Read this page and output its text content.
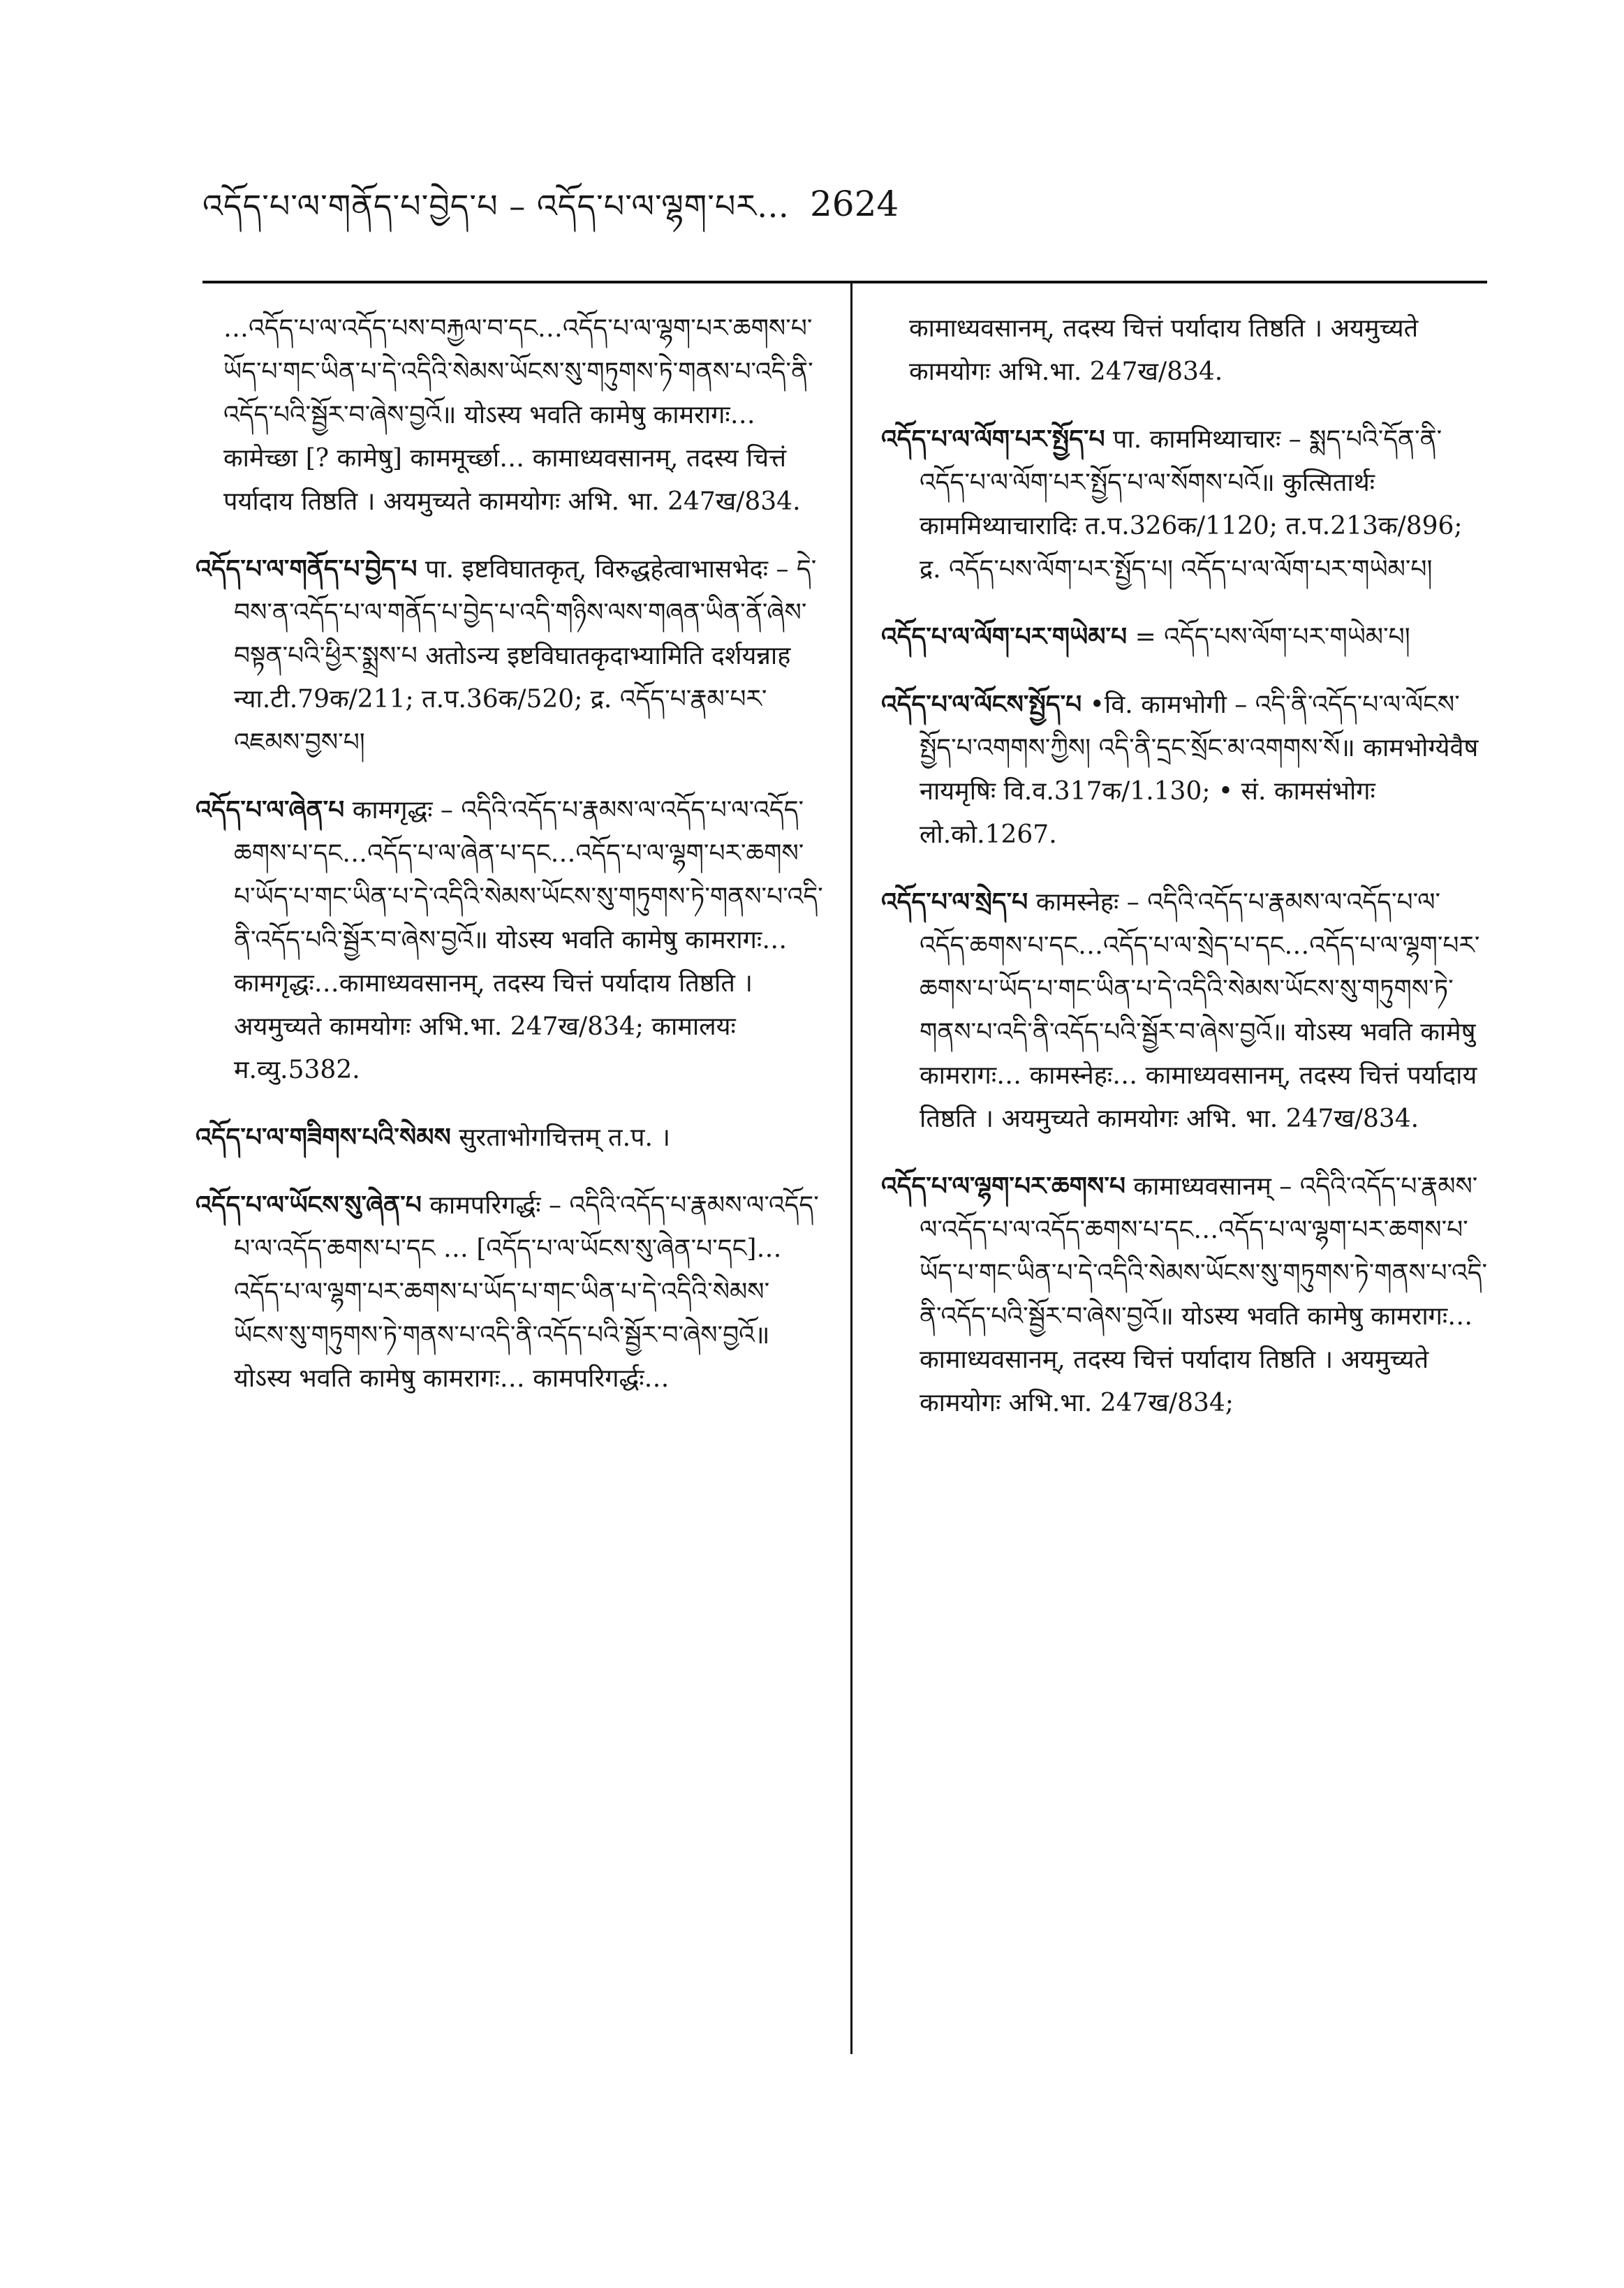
འདོད་པ་ལ་གནོད་པ་བྱེད་པ – འདོད་པ་ལ་ལྷག་པར… 2624

…འདོད་པ་ལ་འདོད་པས་བརྐྱལ་བ་དང…འདོད་པ་ལ་ལྷག་པར་ཆགས་པ་ཡོད་པ་གང་ཡིན་པ་དེ་འདིའི་སེམས་ཡོངས་སུ་གཏུགས་ཏེ་གནས་པ་འདི་ནི་འདོད་པའི་སྦྱོར་བ་ཞེས་བྱའོ॥ योऽस्य भवति कामेषु कामरागः… कामेच्छा [? कामेषु] काममूर्च्छा… कामाध्यवसानम्, तदस्य चित्तं पर्यादाय तिष्ठति । अयमुच्यते कामयोगः अभि. भा. 247ख/834.

འདོད་པ་ལ་གནོད་པ་བྱེད་པ पा. इष्टविघातकृत्, विरुद्धहेत्वाभासभेदः – དེ་བས་ན་འདོད་པ་ལ་གནོད་པ་བྱེད་པ་འདི་གཉིས་ལས་གཞན་ཡིན་ནོ་ཞེས་བསྟན་པའི་ཕྱིར་སྨྲས་པ अतोऽन्य इष्टविघातकृदाभ्यामिति दर्शयन्नाह न्या.टी.79क/211; त.प.36क/520; द्र. འདོད་པ་རྣམ་པར་འཇམས་བྱས་པ།

འདོད་པ་ལ་ཞེན་པ कामगृद्धः – འདིའི་འདོད་པ་རྣམས་ལ་འདོད་པ་ལ་འདོད་ཆགས་པ་དང…འདོད་པ་ལ་ཞེན་པ་དང…འདོད་པ་ལ་ལྷག་པར་ཆགས་པ་ཡོད་པ་གང་ཡིན་པ་དེ་འདིའི་སེམས་ཡོངས་སུ་གཏུགས་ཏེ་གནས་པ་འདི་ནི་འདོད་པའི་སྦྱོར་བ་ཞེས་བྱའོ॥ योऽस्य भवति कामेषु कामरागः…कामगृद्धः…कामाध्यवसानम्, तदस्य चित्तं पर्यादाय तिष्ठति । अयमुच्यते कामयोगः अभि.भा. 247ख/834; कामालयः म.व्यु.5382.

འདོད་པ་ལ་གཟིགས་པའི་སེམས सुरताभोगचित्तम् त.प. ।

འདོད་པ་ལ་ཡོངས་སུ་ཞེན་པ कामपरिगर्द्धः – འདིའི་འདོད་པ་རྣམས་ལ་འདོད་པ་ལ་འདོད་ཆགས་པ་དང … [འདོད་པ་ལ་ཡོངས་སུ་ཞེན་པ་དང]…འདོད་པ་ལ་ལྷག་པར་ཆགས་པ་ཡོད་པ་གང་ཡིན་པ་དེ་འདིའི་སེམས་ཡོངས་སུ་གཏུགས་ཏེ་གནས་པ་འདི་ནི་འདོད་པའི་སྦྱོར་བ་ཞེས་བྱའོ॥ योऽस्य भवति कामेषु कामरागः… कामपरिगर्द्धः…

कामाध्यवसानम्, तदस्य चित्तं पर्यादाय तिष्ठति । अयमुच्यते कामयोगः अभि.भा. 247ख/834.

འདོད་པ་ལ་ལོག་པར་སྤྱོད་པ पा. काममिथ्याचारः – སྨད་པའི་དོན་ནི་འདོད་པ་ལ་ལོག་པར་སྤྱོད་པ་ལ་སོགས་པའོ॥ कुत्सितार्थः काममिथ्याचारादिः त.प.326क/1120; त.प.213क/896; द्र. འདོད་པས་ལོག་པར་སྤྱོད་པ། འདོད་པ་ལ་ལོག་པར་གཡེམ་པ།

འདོད་པ་ལ་ལོག་པར་གཡེམ་པ = འདོད་པས་ལོག་པར་གཡེམ་པ།

འདོད་པ་ལ་ལོངས་སྤྱོད་པ •वि. कामभोगी – འདི་ནི་འདོད་པ་ལ་ལོངས་སྤྱོད་པ་འགགས་ཀྱིས། འདི་ནི་དྲང་སྲོང་མ་འགགས་སོ॥ कामभोग्येवैष नायमृषिः वि.व.317क/1.130; • सं. कामसंभोगः लो.को.1267.

འདོད་པ་ལ་སྲེད་པ कामस्नेहः – འདིའི་འདོད་པ་རྣམས་ལ་འདོད་པ་ལ་འདོད་ཆགས་པ་དང…འདོད་པ་ལ་སྲེད་པ་དང…འདོད་པ་ལ་ལྷག་པར་ཆགས་པ་ཡོད་པ་གང་ཡིན་པ་དེ་འདིའི་སེམས་ཡོངས་སུ་གཏུགས་ཏེ་གནས་པ་འདི་ནི་འདོད་པའི་སྦྱོར་བ་ཞེས་བྱའོ॥ योऽस्य भवति कामेषु कामरागः… कामस्नेहः… कामाध्यवसानम्, तदस्य चित्तं पर्यादाय तिष्ठति । अयमुच्यते कामयोगः अभि. भा. 247ख/834.

འདོད་པ་ལ་ལྷག་པར་ཆགས་པ कामाध्यवसानम् – འདིའི་འདོད་པ་རྣམས་ལ་འདོད་པ་ལ་འདོད་ཆགས་པ་དང…འདོད་པ་ལ་ལྷག་པར་ཆགས་པ་ཡོད་པ་གང་ཡིན་པ་དེ་འདིའི་སེམས་ཡོངས་སུ་གཏུགས་ཏེ་གནས་པ་འདི་ནི་འདོད་པའི་སྦྱོར་བ་ཞེས་བྱའོ॥ योऽस्य भवति कामेषु कामरागः…कामाध्यवसानम्, तदस्य चित्तं पर्यादाय तिष्ठति । अयमुच्यते कामयोगः अभि.भा. 247ख/834;
